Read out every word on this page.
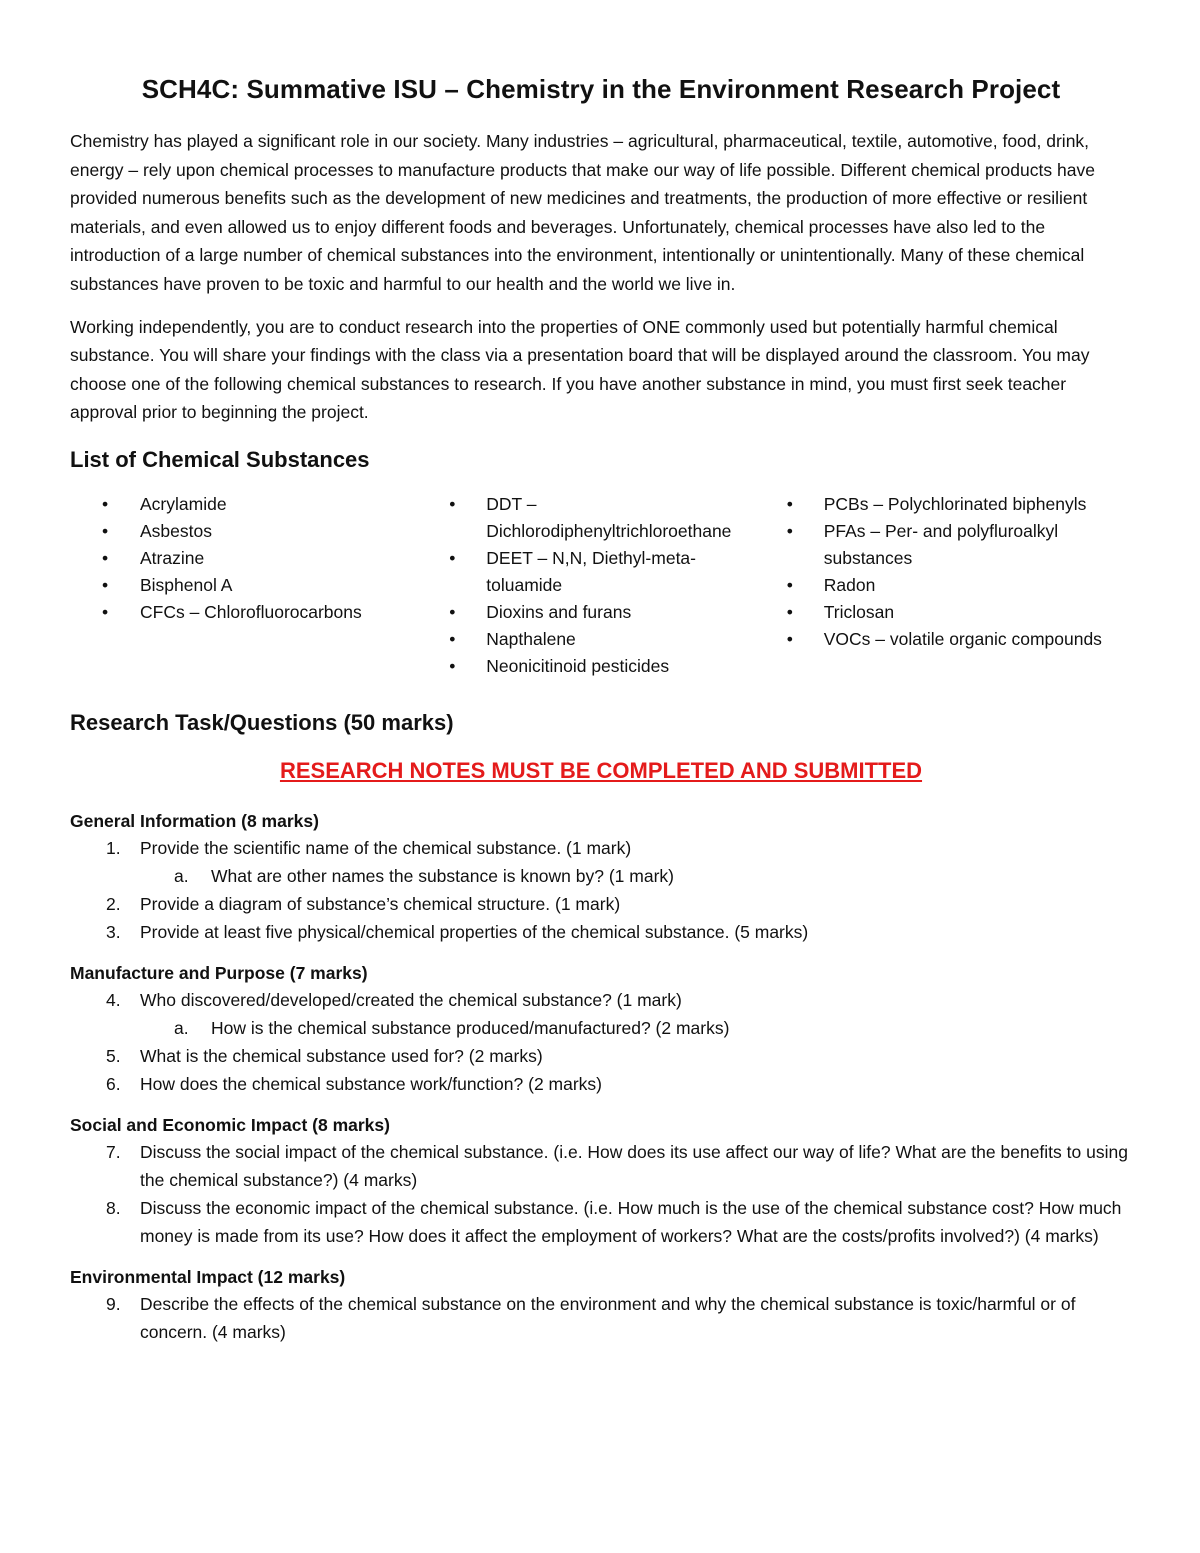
SCH4C: Summative ISU – Chemistry in the Environment Research Project

Chemistry has played a significant role in our society. Many industries – agricultural, pharmaceutical, textile, automotive, food, drink, energy – rely upon chemical processes to manufacture products that make our way of life possible. Different chemical products have provided numerous benefits such as the development of new medicines and treatments, the production of more effective or resilient materials, and even allowed us to enjoy different foods and beverages. Unfortunately, chemical processes have also led to the introduction of a large number of chemical substances into the environment, intentionally or unintentionally. Many of these chemical substances have proven to be toxic and harmful to our health and the world we live in.

Working independently, you are to conduct research into the properties of ONE commonly used but potentially harmful chemical substance. You will share your findings with the class via a presentation board that will be displayed around the classroom. You may choose one of the following chemical substances to research. If you have another substance in mind, you must first seek teacher approval prior to beginning the project.

List of Chemical Substances
• Acrylamide
• Asbestos
• Atrazine
• Bisphenol A
• CFCs – Chlorofluorocarbons
• DDT – Dichlorodiphenyltrichloroethane
• DEET – N,N, Diethyl-meta-toluamide
• Dioxins and furans
• Napthalene
• Neonicitinoid pesticides
• PCBs – Polychlorinated biphenyls
• PFAs – Per- and polyfluroalkyl substances
• Radon
• Triclosan
• VOCs – volatile organic compounds
Research Task/Questions (50 marks)
RESEARCH NOTES MUST BE COMPLETED AND SUBMITTED
General Information (8 marks)
1. Provide the scientific name of the chemical substance. (1 mark)
a. What are other names the substance is known by? (1 mark)
2. Provide a diagram of substance’s chemical structure. (1 mark)
3. Provide at least five physical/chemical properties of the chemical substance. (5 marks)
Manufacture and Purpose (7 marks)
4. Who discovered/developed/created the chemical substance? (1 mark)
a. How is the chemical substance produced/manufactured? (2 marks)
5. What is the chemical substance used for? (2 marks)
6. How does the chemical substance work/function? (2 marks)
Social and Economic Impact (8 marks)
7. Discuss the social impact of the chemical substance. (i.e. How does its use affect our way of life? What are the benefits to using the chemical substance?) (4 marks)
8. Discuss the economic impact of the chemical substance. (i.e. How much is the use of the chemical substance cost? How much money is made from its use? How does it affect the employment of workers? What are the costs/profits involved?) (4 marks)
Environmental Impact (12 marks)
9. Describe the effects of the chemical substance on the environment and why the chemical substance is toxic/harmful or of concern. (4 marks)
